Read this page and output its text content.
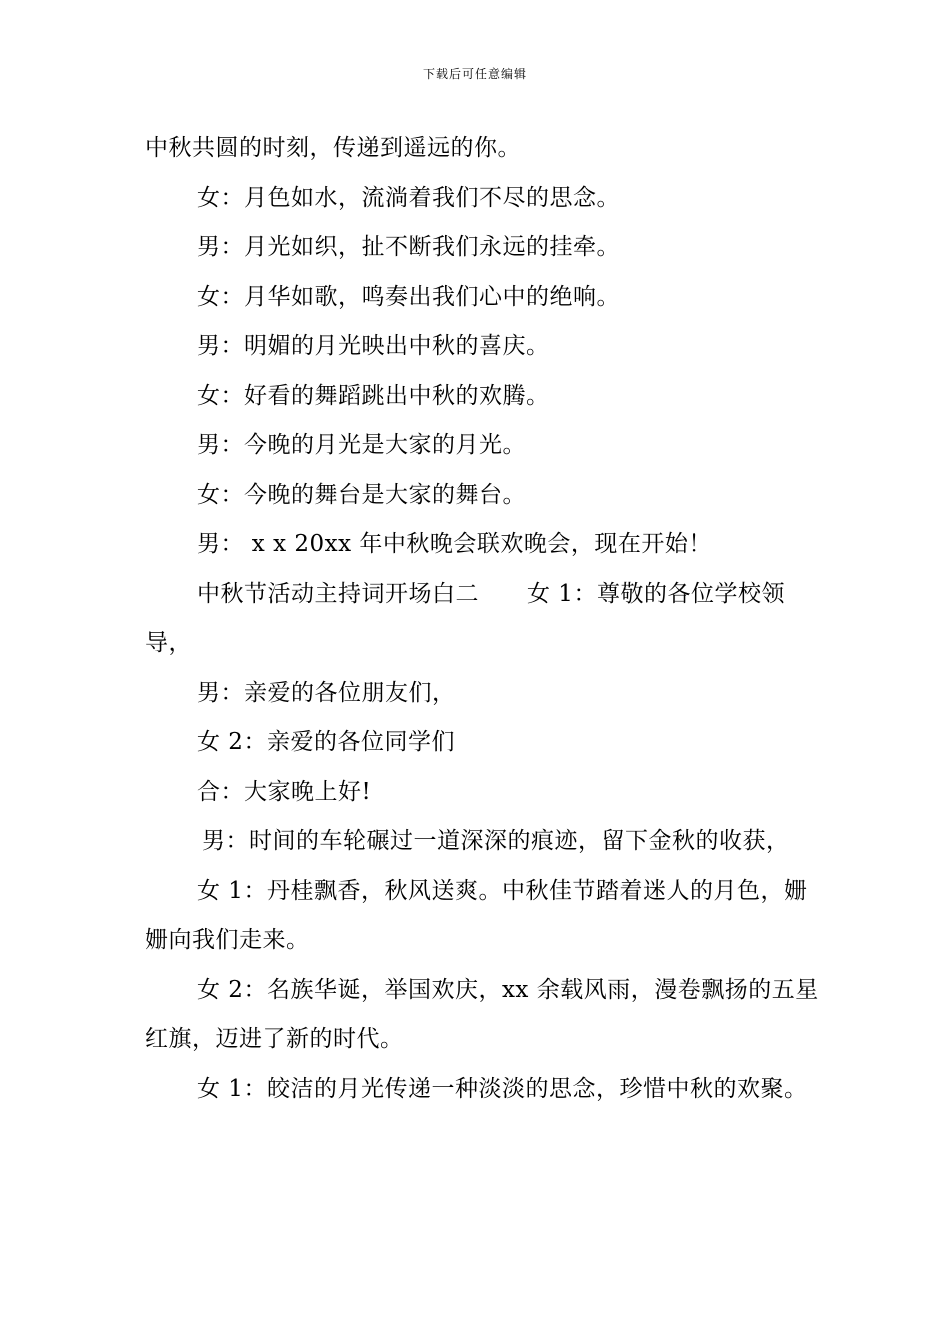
下载后可任意编辑

中秋共圆的时刻，传递到遥远的你。

女：月色如水，流淌着我们不尽的思念。

男：月光如织，扯不断我们永远的挂牵。

女：月华如歌，鸣奏出我们心中的绝响。

男：明媚的月光映出中秋的喜庆。

女：好看的舞蹈跳出中秋的欢腾。

男：今晚的月光是大家的月光。

女：今晚的舞台是大家的舞台。

男： x x 20xx 年中秋晚会联欢晚会，现在开始！

中秋节活动主持词开场白二 女 1：尊敬的各位学校领导，

男：亲爱的各位朋友们，

女 2：亲爱的各位同学们

合：大家晚上好!

男：时间的车轮碾过一道深深的痕迹，留下金秋的收获，

女 1：丹桂飘香，秋风送爽。中秋佳节踏着迷人的月色，姗姗向我们走来。

女 2：名族华诞，举国欢庆，xx 余载风雨，漫卷飘扬的五星红旗，迈进了新的时代。

女 1：皎洁的月光传递一种淡淡的思念，珍惜中秋的欢聚。
